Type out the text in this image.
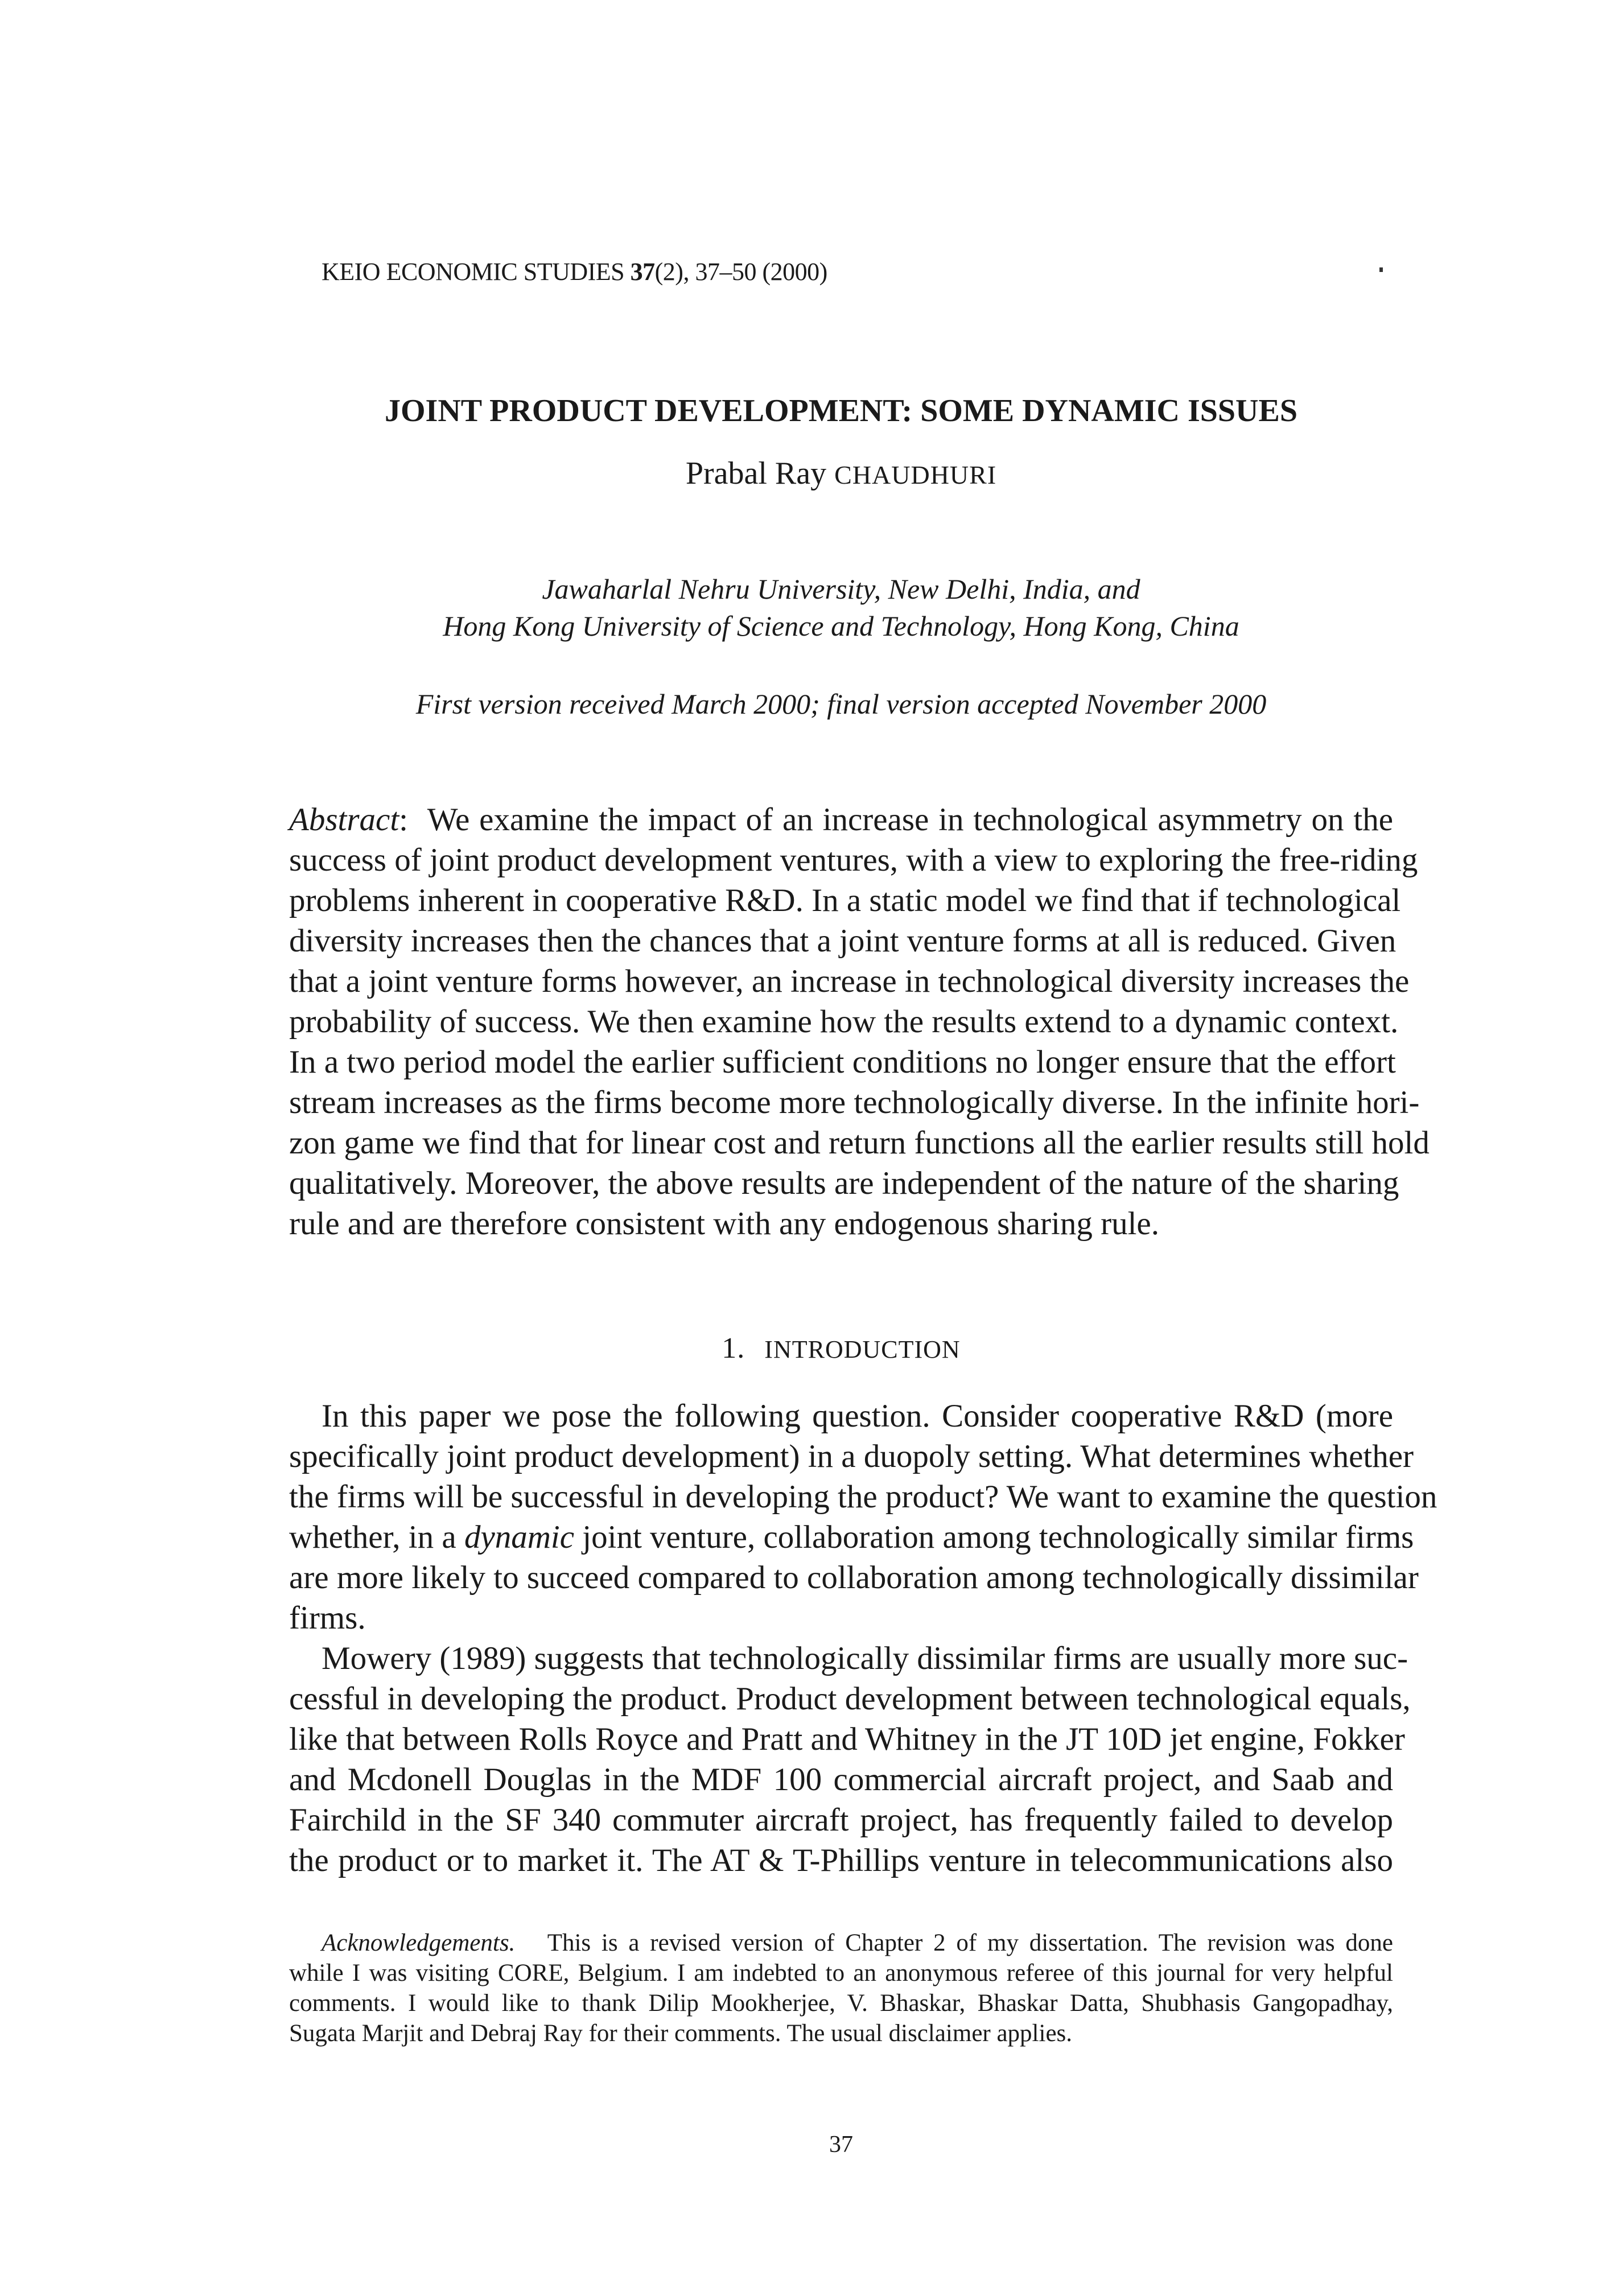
KEIO ECONOMIC STUDIES 37(2), 37–50 (2000)
JOINT PRODUCT DEVELOPMENT: SOME DYNAMIC ISSUES
Prabal Ray CHAUDHURI
Jawaharlal Nehru University, New Delhi, India, and
Hong Kong University of Science and Technology, Hong Kong, China
First version received March 2000; final version accepted November 2000
Abstract: We examine the impact of an increase in technological asymmetry on the
success of joint product development ventures, with a view to exploring the free-riding
problems inherent in cooperative R&D. In a static model we find that if technological
diversity increases then the chances that a joint venture forms at all is reduced. Given
that a joint venture forms however, an increase in technological diversity increases the
probability of success. We then examine how the results extend to a dynamic context.
In a two period model the earlier sufficient conditions no longer ensure that the effort
stream increases as the firms become more technologically diverse. In the infinite hori-
zon game we find that for linear cost and return functions all the earlier results still hold
qualitatively. Moreover, the above results are independent of the nature of the sharing
rule and are therefore consistent with any endogenous sharing rule.
1. INTRODUCTION
In this paper we pose the following question. Consider cooperative R&D (more
specifically joint product development) in a duopoly setting. What determines whether
the firms will be successful in developing the product? We want to examine the question
whether, in a dynamic joint venture, collaboration among technologically similar firms
are more likely to succeed compared to collaboration among technologically dissimilar
firms.
Mowery (1989) suggests that technologically dissimilar firms are usually more suc-
cessful in developing the product. Product development between technological equals,
like that between Rolls Royce and Pratt and Whitney in the JT 10D jet engine, Fokker
and Mcdonell Douglas in the MDF 100 commercial aircraft project, and Saab and
Fairchild in the SF 340 commuter aircraft project, has frequently failed to develop
the product or to market it. The AT & T-Phillips venture in telecommunications also
Acknowledgements. This is a revised version of Chapter 2 of my dissertation. The revision was done
while I was visiting CORE, Belgium. I am indebted to an anonymous referee of this journal for very helpful
comments. I would like to thank Dilip Mookherjee, V. Bhaskar, Bhaskar Datta, Shubhasis Gangopadhay,
Sugata Marjit and Debraj Ray for their comments. The usual disclaimer applies.
37
